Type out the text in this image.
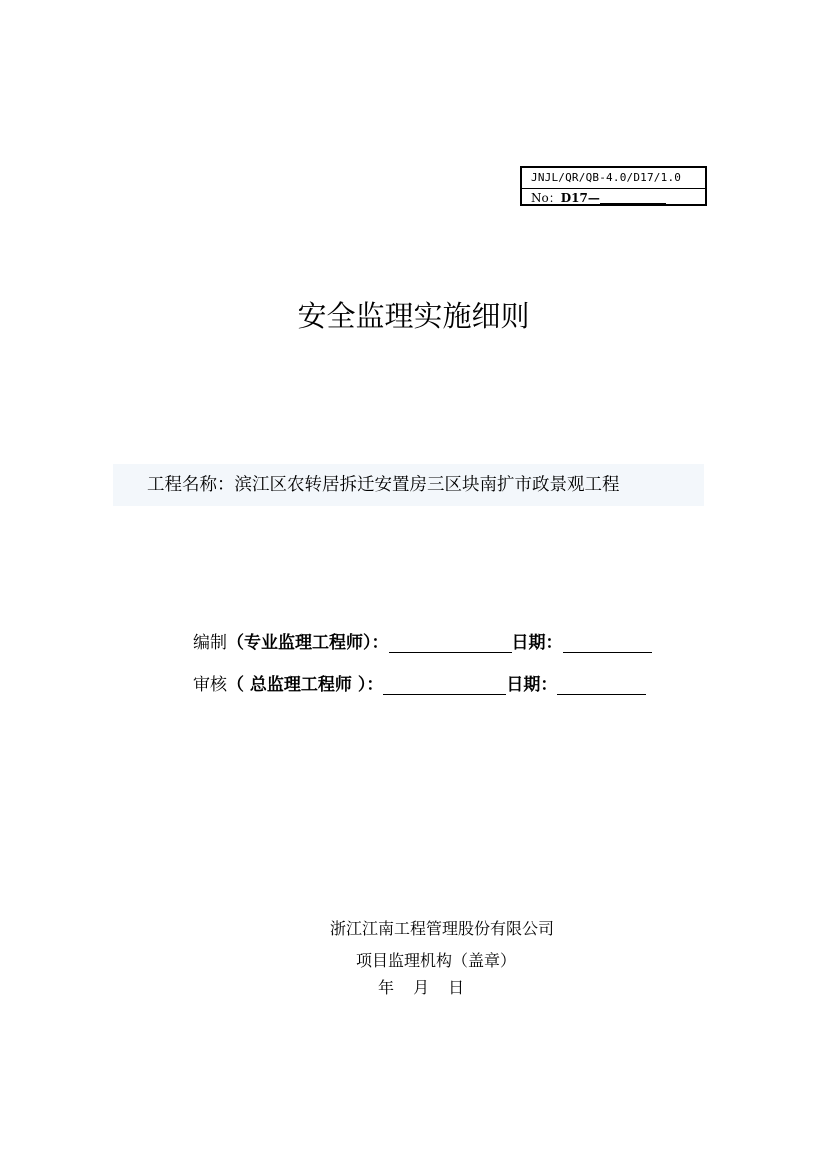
JNJL/QR/QB-4.0/D17/1.0
No：D17—
安全监理实施细则
工程名称：滨江区农转居拆迁安置房三区块南扩市政景观工程
编制 （专业监理工程师）：	日期：
审核 （ 总监理工程师 ）：	日期：
浙江江南工程管理股份有限公司
项目监理机构（盖章）
年 月 日
